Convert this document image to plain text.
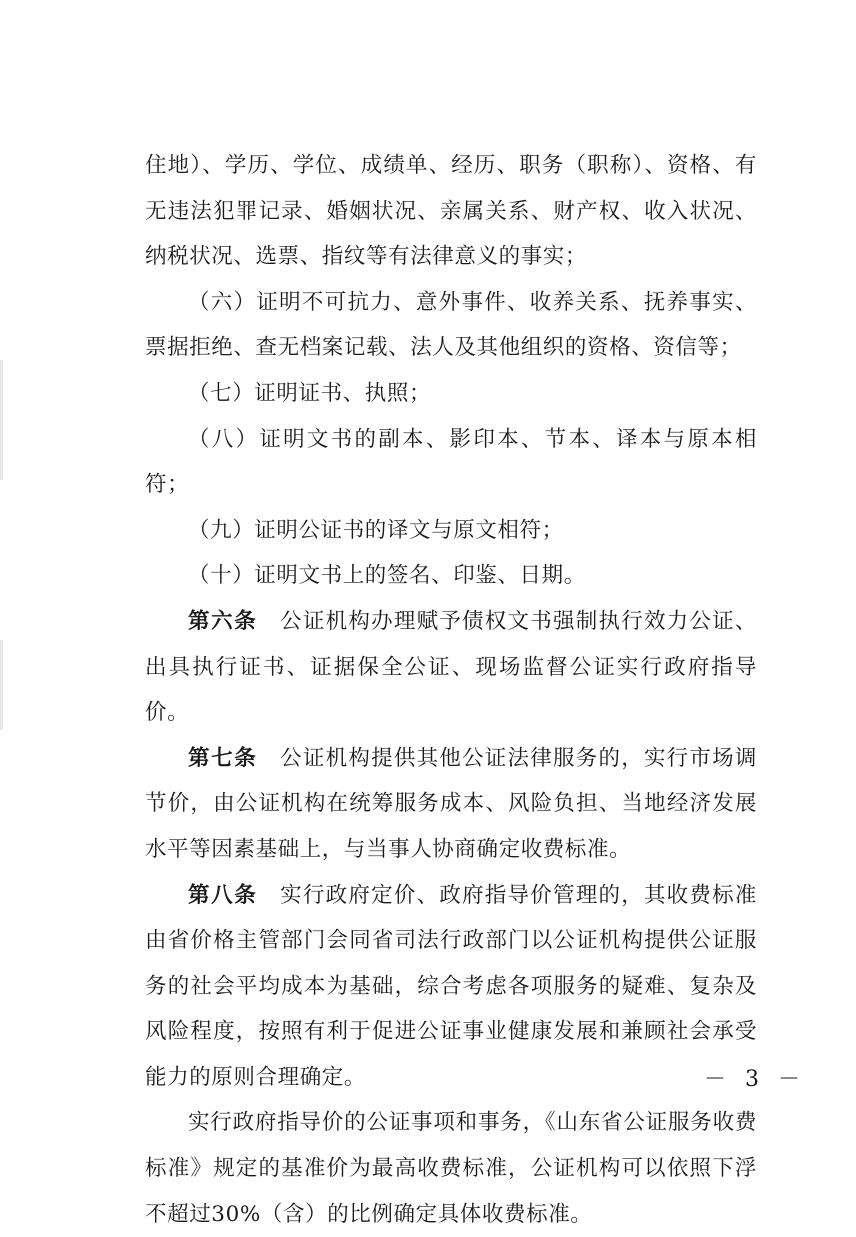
住地）、学历、学位、成绩单、经历、职务（职称）、资格、有无违法犯罪记录、婚姻状况、亲属关系、财产权、收入状况、纳税状况、选票、指纹等有法律意义的事实；

（六）证明不可抗力、意外事件、收养关系、抚养事实、票据拒绝、查无档案记载、法人及其他组织的资格、资信等；

（七）证明证书、执照；

（八）证明文书的副本、影印本、节本、译本与原本相符；

（九）证明公证书的译文与原文相符；

（十）证明文书上的签名、印鉴、日期。

第六条　公证机构办理赋予债权文书强制执行效力公证、出具执行证书、证据保全公证、现场监督公证实行政府指导价。

第七条　公证机构提供其他公证法律服务的，实行市场调节价，由公证机构在统筹服务成本、风险负担、当地经济发展水平等因素基础上，与当事人协商确定收费标准。

第八条　实行政府定价、政府指导价管理的，其收费标准由省价格主管部门会同省司法行政部门以公证机构提供公证服务的社会平均成本为基础，综合考虑各项服务的疑难、复杂及风险程度，按照有利于促进公证事业健康发展和兼顾社会承受能力的原则合理确定。

实行政府指导价的公证事项和事务，《山东省公证服务收费标准》规定的基准价为最高收费标准，公证机构可以依照下浮不超过30%（含）的比例确定具体收费标准。

－ 3 －
